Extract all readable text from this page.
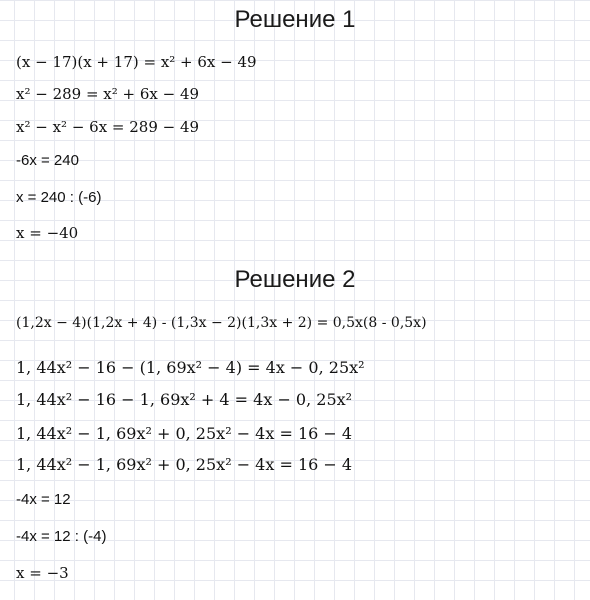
Решение 1
(x − 17)(x + 17) = x² + 6x − 49
x² − 289 = x² + 6x − 49
x² − x² − 6x = 289 − 49
-6x = 240
x = 240 : (-6)
x = −40
Решение 2
(1,2x − 4)(1,2x + 4) - (1,3x − 2)(1,3x + 2) = 0,5x(8 - 0,5x)
1, 44x² − 16 − (1, 69x² − 4) = 4x − 0, 25x²
1, 44x² − 16 − 1, 69x² + 4 = 4x − 0, 25x²
1, 44x² − 1, 69x² + 0, 25x² − 4x = 16 − 4
1, 44x² − 1, 69x² + 0, 25x² − 4x = 16 − 4
-4x = 12
-4x = 12 : (-4)
x = −3
